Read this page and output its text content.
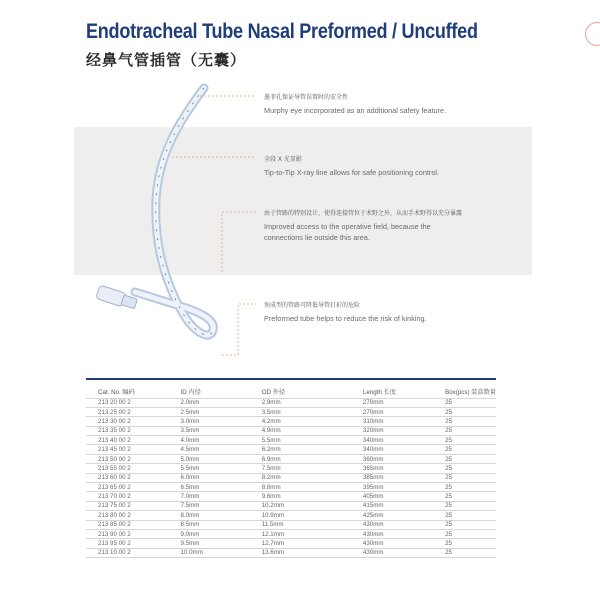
Endotracheal Tube Nasal Preformed / Uncuffed
经鼻气管插管（无囊）
墨菲孔保证导管误置时的安全性
Murphy eye incorporated as an additional safety feature.
全段 X 光显影
Tip-to-Tip X-ray line allows for safe positioning control.
由于管路的特别设计，使得连接管位于术野之外，从而手术野得以充分暴露
Improved access to the operative field, because the connections lie outside this area.
预成型的管路可降低导管打折的危险
Preformed tube helps to reduce the risk of kinking.
Cat. No. 编码	ID 内径	OD 外径	Length 长度	Box(pcs) 装盒数量
213 20 00 2	2.0mm	2.9mm	270mm	25
213 25 00 2	2.5mm	3.5mm	270mm	25
213 30 00 2	3.0mm	4.2mm	310mm	25
213 35 00 2	3.5mm	4.9mm	320mm	25
213 40 00 2	4.0mm	5.5mm	340mm	25
213 45 00 2	4.5mm	6.2mm	340mm	25
213 50 00 2	5.0mm	6.9mm	360mm	25
213 55 00 2	5.5mm	7.5mm	365mm	25
213 60 00 2	6.0mm	8.2mm	385mm	25
213 65 00 2	6.5mm	8.8mm	395mm	25
213 70 00 2	7.0mm	9.6mm	405mm	25
213 75 00 2	7.5mm	10.2mm	415mm	25
213 80 00 2	8.0mm	10.9mm	425mm	25
213 85 00 2	8.5mm	11.5mm	430mm	25
213 90 00 2	9.0mm	12.1mm	430mm	25
213 95 00 2	9.5mm	12.7mm	430mm	25
213 10 00 2	10.0mm	13.6mm	430mm	25
